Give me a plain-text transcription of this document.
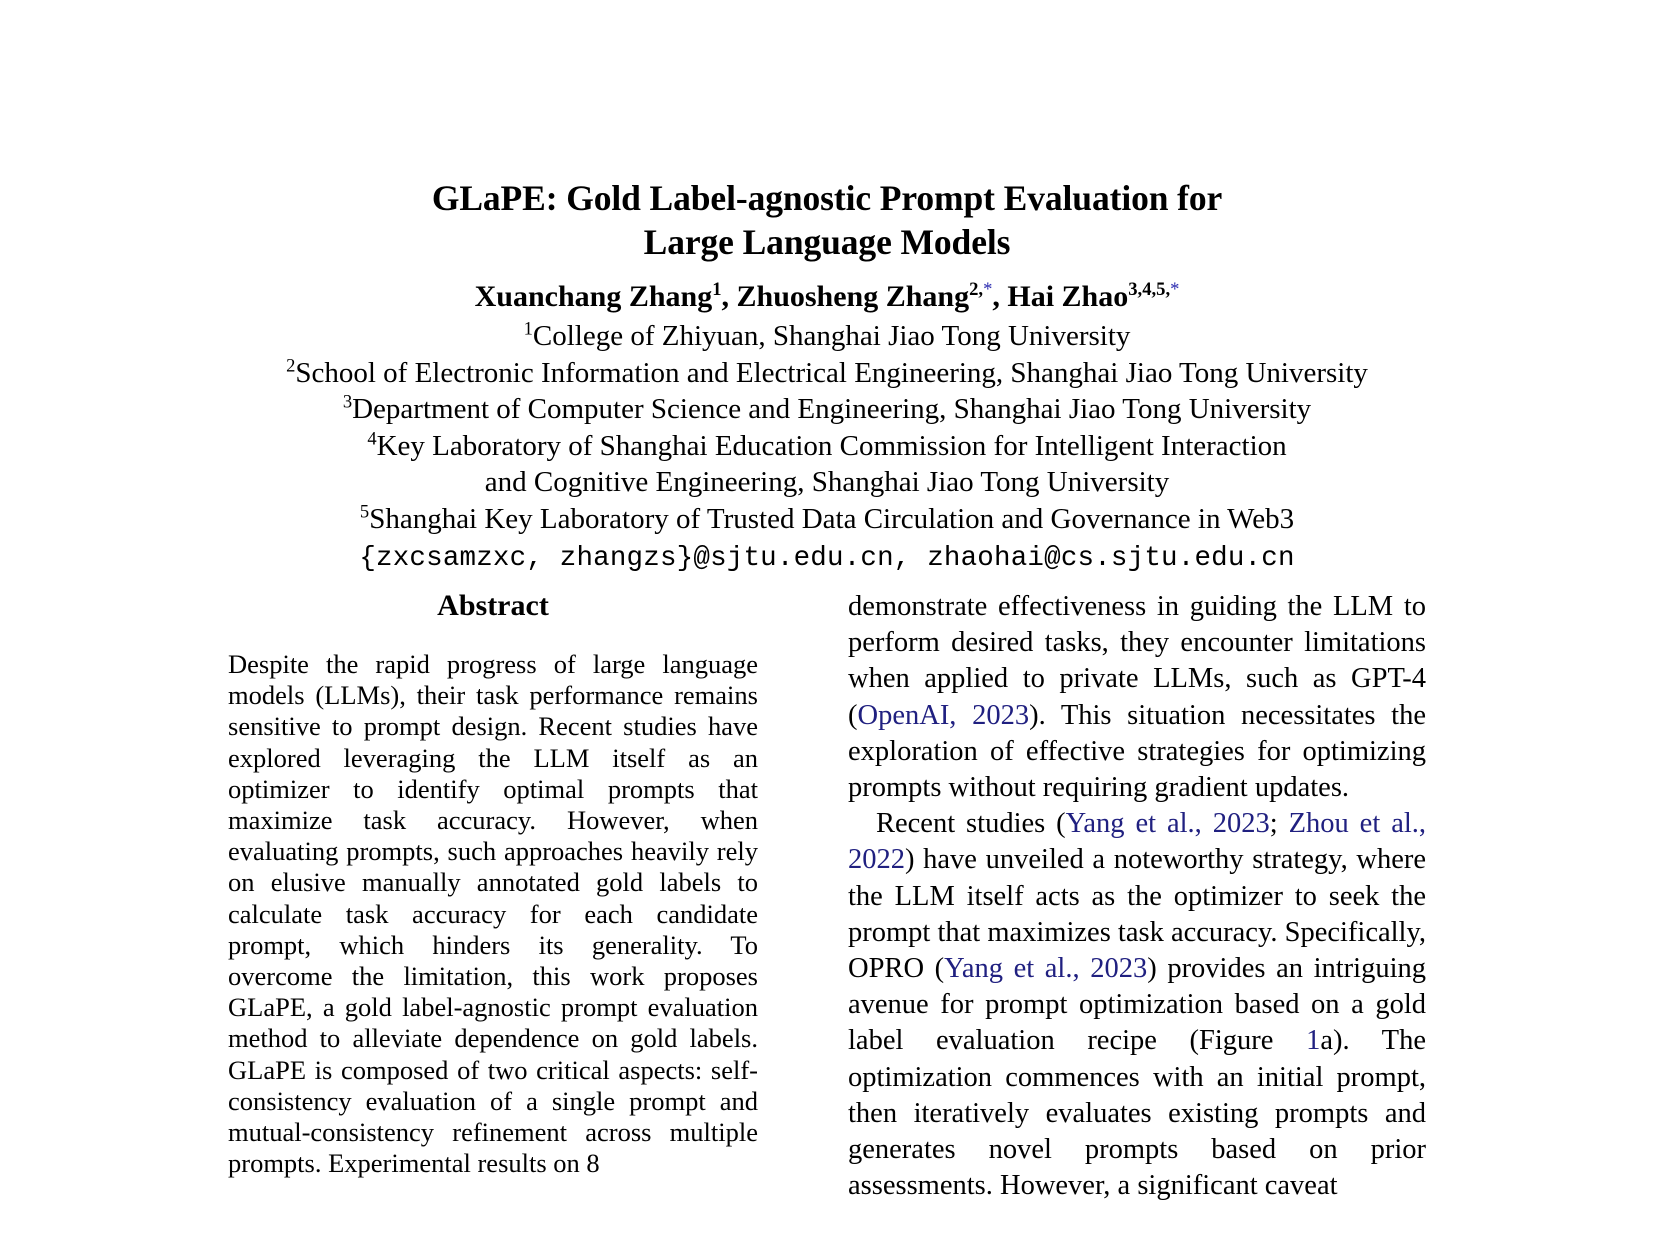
GLaPE: Gold Label-agnostic Prompt Evaluation for
Large Language Models
Xuanchang Zhang$^1$, Zhuosheng Zhang$^{2,*}$, Hai Zhao$^{3,4,5,*}$
$^1$College of Zhiyuan, Shanghai Jiao Tong University
$^2$School of Electronic Information and Electrical Engineering, Shanghai Jiao Tong University
$^3$Department of Computer Science and Engineering, Shanghai Jiao Tong University
$^4$Key Laboratory of Shanghai Education Commission for Intelligent Interaction
and Cognitive Engineering, Shanghai Jiao Tong University
$^5$Shanghai Key Laboratory of Trusted Data Circulation and Governance in Web3
{zxcsamzxc, zhangzs}@sjtu.edu.cn, zhaohai@cs.sjtu.edu.cn
Abstract

Despite the rapid progress of large language models (LLMs), their task performance remains sensitive to prompt design. Recent studies have explored leveraging the LLM itself as an optimizer to identify optimal prompts that maximize task accuracy. However, when evaluating prompts, such approaches heavily rely on elusive manually annotated gold labels to calculate task accuracy for each candidate prompt, which hinders its generality. To overcome the limitation, this work proposes GLaPE, a gold label-agnostic prompt evaluation method to alleviate dependence on gold labels. GLaPE is composed of two critical aspects: self-consistency evaluation of a single prompt and mutual-consistency refinement across multiple prompts. Experimental results on 8

demonstrate effectiveness in guiding the LLM to perform desired tasks, they encounter limitations when applied to private LLMs, such as GPT-4 (OpenAI, 2023). This situation necessitates the exploration of effective strategies for optimizing prompts without requiring gradient updates.

Recent studies (Yang et al., 2023; Zhou et al., 2022) have unveiled a noteworthy strategy, where the LLM itself acts as the optimizer to seek the prompt that maximizes task accuracy. Specifically, OPRO (Yang et al., 2023) provides an intriguing avenue for prompt optimization based on a gold label evaluation recipe (Figure 1a). The optimization commences with an initial prompt, then iteratively evaluates existing prompts and generates novel prompts based on prior assessments. However, a significant caveat
